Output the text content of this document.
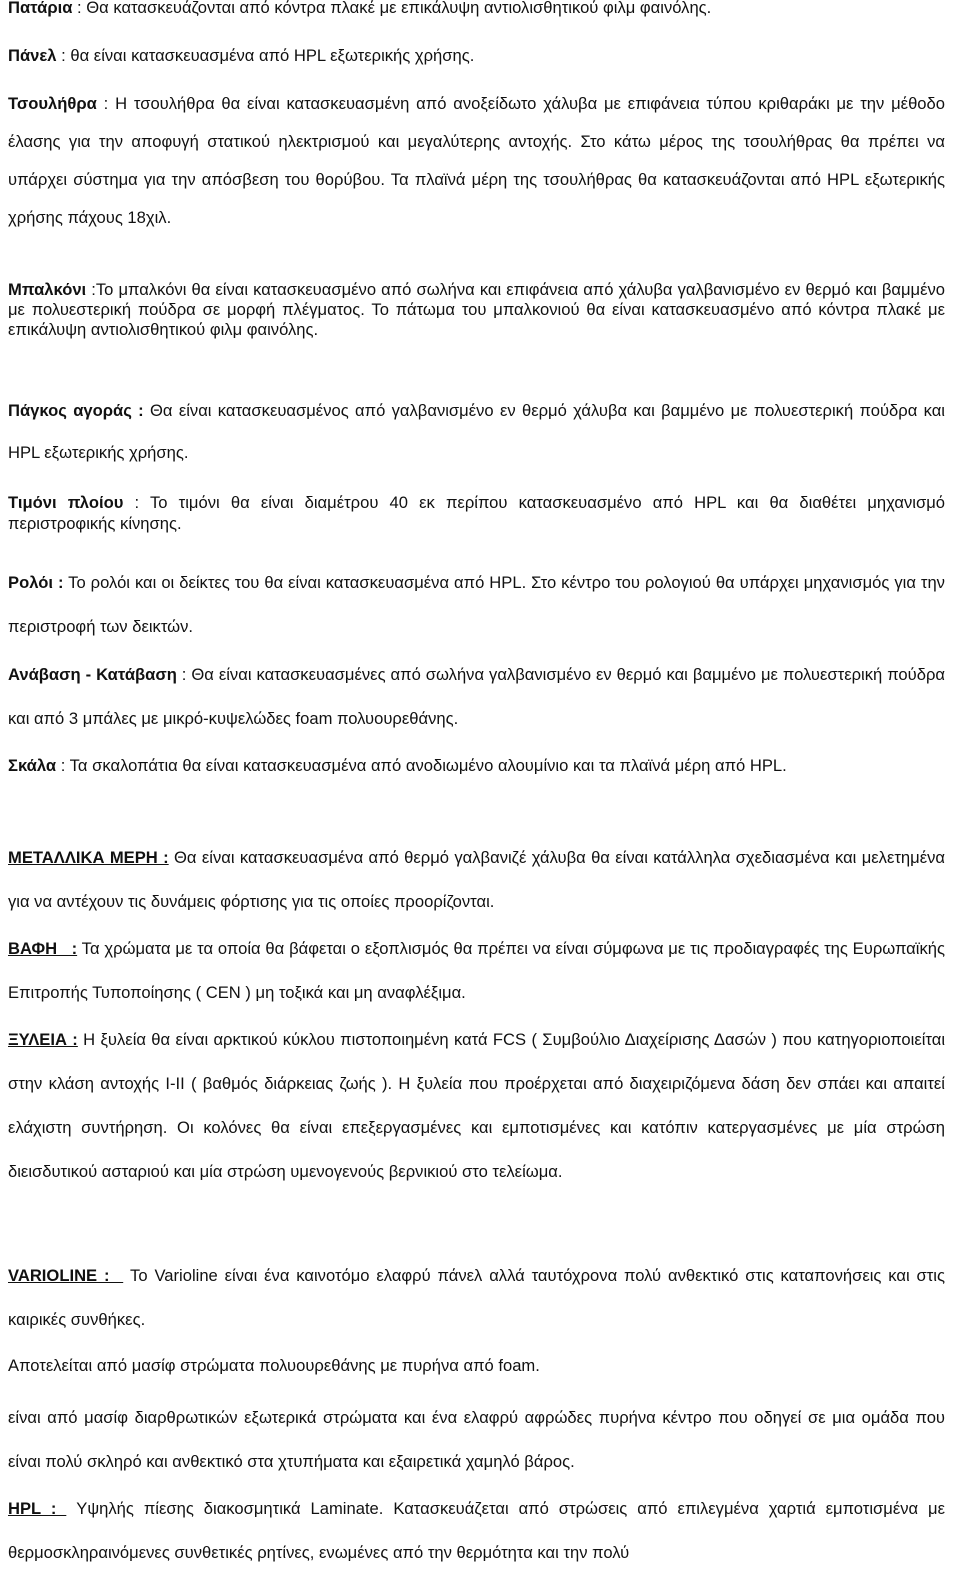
Πατάρια : Θα κατασκευάζονται από κόντρα πλακέ με επικάλυψη αντιολισθητικού φιλμ φαινόλης.

Πάνελ : θα είναι κατασκευασμένα από HPL εξωτερικής χρήσης.

Τσουλήθρα : Η τσουλήθρα θα είναι κατασκευασμένη από ανοξείδωτο χάλυβα με επιφάνεια τύπου κριθαράκι με την μέθοδο έλασης για την αποφυγή στατικού ηλεκτρισμού και μεγαλύτερης αντοχής. Στο κάτω μέρος της τσουλήθρας θα πρέπει να υπάρχει σύστημα για την απόσβεση του θορύβου. Τα πλαϊνά μέρη της τσουλήθρας θα κατασκευάζονται από HPL εξωτερικής χρήσης πάχους 18χιλ.

Μπαλκόνι :Το μπαλκόνι θα είναι κατασκευασμένο από σωλήνα και επιφάνεια από χάλυβα γαλβανισμένο εν θερμό και βαμμένο με πολυεστερική πούδρα σε μορφή πλέγματος. Το πάτωμα του μπαλκονιού θα είναι κατασκευασμένο από κόντρα πλακέ με επικάλυψη αντιολισθητικού φιλμ φαινόλης.

Πάγκος αγοράς : Θα είναι κατασκευασμένος από γαλβανισμένο εν θερμό χάλυβα και βαμμένο με πολυεστερική πούδρα και HPL εξωτερικής χρήσης.

Τιμόνι πλοίου : Το τιμόνι θα είναι διαμέτρου 40 εκ περίπου κατασκευασμένο από HPL και θα διαθέτει μηχανισμό περιστροφικής κίνησης.

Ρολόι : Το ρολόι και οι δείκτες του θα είναι κατασκευασμένα από HPL. Στο κέντρο του ρολογιού θα υπάρχει μηχανισμός για την περιστροφή των δεικτών.

Ανάβαση - Κατάβαση : Θα είναι κατασκευασμένες από σωλήνα γαλβανισμένο εν θερμό και βαμμένο με πολυεστερική πούδρα και από 3 μπάλες με μικρό-κυψελώδες foam πολυουρεθάνης.

Σκάλα : Τα σκαλοπάτια θα είναι κατασκευασμένα από ανοδιωμένο αλουμίνιο και τα πλαϊνά μέρη από HPL.

ΜΕΤΑΛΛΙΚΑ ΜΕΡΗ : Θα είναι κατασκευασμένα από θερμό γαλβανιζέ χάλυβα θα είναι κατάλληλα σχεδιασμένα και μελετημένα για να αντέχουν τις δυνάμεις φόρτισης για τις οποίες προορίζονται.

ΒΑΦΗ   : Τα χρώματα με τα οποία θα βάφεται ο εξοπλισμός θα πρέπει να είναι σύμφωνα με τις προδιαγραφές της Ευρωπαϊκής Επιτροπής Τυποποίησης ( CEN ) μη τοξικά και μη αναφλέξιμα.

ΞΥΛΕΙΑ : Η ξυλεία θα είναι αρκτικού κύκλου πιστοποιημένη κατά FCS ( Συμβούλιο Διαχείρισης Δασών ) που κατηγοριοποιείται στην κλάση αντοχής I-II ( βαθμός διάρκειας ζωής ). Η ξυλεία που προέρχεται από διαχειριζόμενα δάση δεν σπάει και απαιτεί ελάχιστη συντήρηση. Οι κολόνες θα είναι επεξεργασμένες και εμποτισμένες και κατόπιν κατεργασμένες με μία στρώση διεισδυτικού ασταριού και μία στρώση υμενογενούς βερνικιού στο τελείωμα.

VARIOLINE :   Το Varioline είναι ένα καινοτόμο ελαφρύ πάνελ αλλά ταυτόχρονα πολύ ανθεκτικό στις καταπονήσεις και στις καιρικές συνθήκες.

Αποτελείται από μασίφ στρώματα πολυουρεθάνης με πυρήνα από foam.

είναι από μασίφ διαρθρωτικών εξωτερικά στρώματα και ένα ελαφρύ αφρώδες πυρήνα κέντρο που οδηγεί σε μια ομάδα που είναι πολύ σκληρό και ανθεκτικό στα χτυπήματα και εξαιρετικά χαμηλό βάρος.

HPL :  Υψηλής πίεσης διακοσμητικά Laminate. Κατασκευάζεται από στρώσεις από επιλεγμένα χαρτιά εμποτισμένα με θερμοσκληραινόμενες συνθετικές ρητίνες, ενωμένες από την θερμότητα και την πολύ
